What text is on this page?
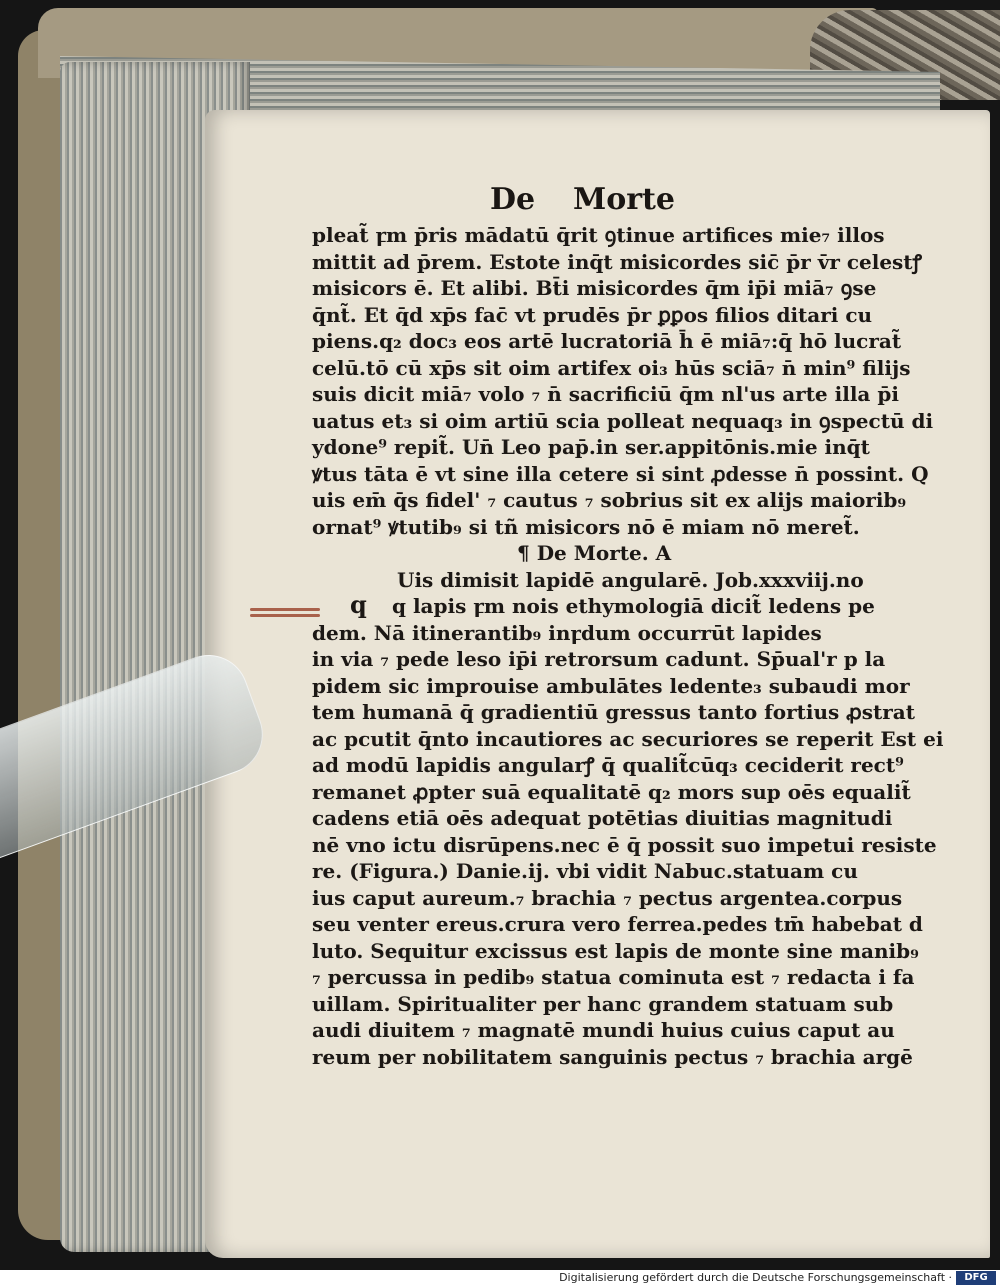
De Morte
q
pleat̃ ꝼm p̄ris mādatū q̄rit ꝯtinue artifices mie₇ illos
mittit ad p̄rem. Estote inq̄t misicordes sic̄ p̄r v̄r celestꝭ
misicors ē. Et alibi. Bt̄i misicordes q̄m ip̄i miā₇ ꝯse
q̄nt̃. Et q̄d xp̄s fac̄ vt prudēs p̄r ꝑꝑos filios ditari cu
piens.q₂ doc₃ eos artē lucratoriā h̄ ē miā₇:q̄ hō lucrat̃
celū.tō cū xp̄s sit oim artifex oi₃ hūs sciā₇ n̄ min⁹ filijs
suis dicit miā₇ volo ₇ n̄ sacrificiū q̄m nl'us arte illa p̄i
uatus et₃ si oim artiū scia polleat nequaq₃ in ꝯspectū di
ydone⁹ repit̃. Un̄ Leo pap̄.in ser.appitōnis.mie inq̄t
ꝟtus tāta ē vt sine illa cetere si sint ꝓdesse n̄ possint. Q
uis em̄ q̄s fidel' ₇ cautus ₇ sobrius sit ex alijs maiorib₉
ornat⁹ ꝟtutib₉ si tñ misicors nō ē miam nō meret̃.
¶ De Morte. A
Uis dimisit lapidē angularē. Job.xxxviij.no
q lapis ꝼm nois ethymologiā dicit̃ ledens pe
dem. Nā itinerantib₉ inꝼdum occurrūt lapides
in via ₇ pede leso ip̄i retrorsum cadunt. Sp̄ual'r p la
pidem sic improuise ambulātes ledente₃ subaudi mor
tem humanā q̄ gradientiū gressus tanto fortius ꝓstrat
ac pcutit q̄nto incautiores ac securiores se reperit Est ei
ad modū lapidis angularꝭ q̄ qualit̃cūq₃ ceciderit rect⁹
remanet ꝓpter suā equalitatē q₂ mors sup oēs equalit̃
cadens etiā oēs adequat potētias diuitias magnitudi
nē vno ictu disrūpens.nec ē q̄ possit suo impetui resiste
re. (Figura.) Danie.ij. vbi vidit Nabuc.statuam cu
ius caput aureum.₇ brachia ₇ pectus argentea.corpus
seu venter ereus.crura vero ferrea.pedes tm̄ habebat d
luto. Sequitur excissus est lapis de monte sine manib₉
₇ percussa in pedib₉ statua cominuta est ₇ redacta i fa
uillam. Spiritualiter per hanc grandem statuam sub
audi diuitem ₇ magnatē mundi huius cuius caput au
reum per nobilitatem sanguinis pectus ₇ brachia argē
Digitalisierung gefördert durch die Deutsche Forschungsgemeinschaft ·	DFG
